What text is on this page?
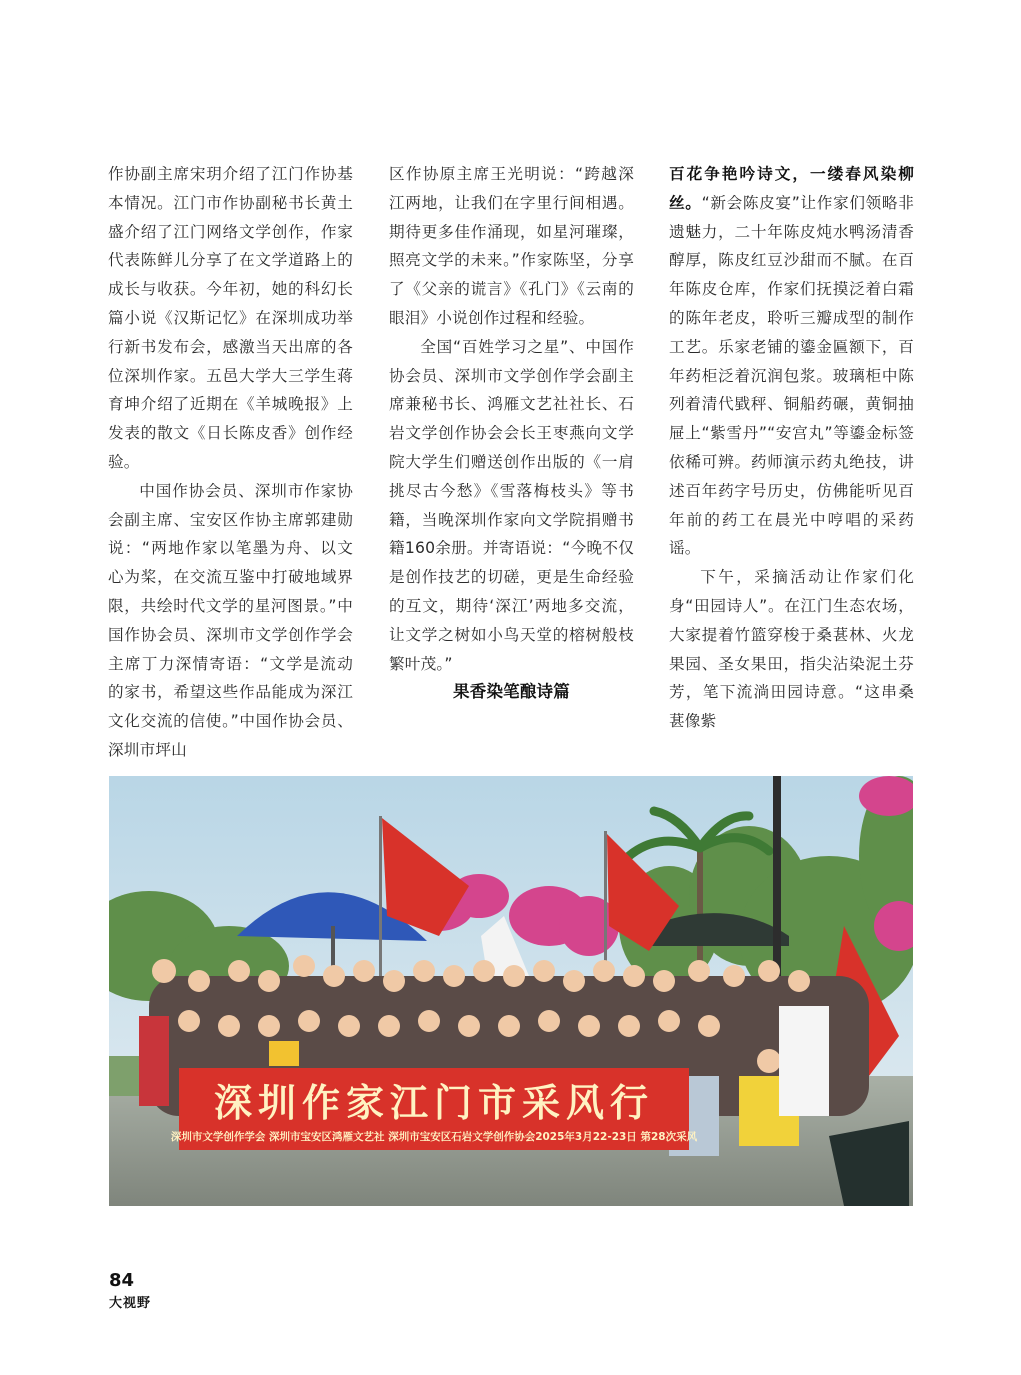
作协副主席宋玥介绍了江门作协基本情况。江门市作协副秘书长黄土盛介绍了江门网络文学创作，作家代表陈鲜儿分享了在文学道路上的成长与收获。今年初，她的科幻长篇小说《汉斯记忆》在深圳成功举行新书发布会，感激当天出席的各位深圳作家。五邑大学大三学生蒋育坤介绍了近期在《羊城晚报》上发表的散文《日长陈皮香》创作经验。

中国作协会员、深圳市作家协会副主席、宝安区作协主席郭建勋说：“两地作家以笔墨为舟、以文心为桨，在交流互鉴中打破地域界限，共绘时代文学的星河图景。”中国作协会员、深圳市文学创作学会主席丁力深情寄语：“文学是流动的家书，希望这些作品能成为深江文化交流的信使。”中国作协会员、深圳市坪山

区作协原主席王光明说：“跨越深江两地，让我们在字里行间相遇。期待更多佳作涌现，如星河璀璨，照亮文学的未来。”作家陈坚，分享了《父亲的谎言》《孔门》《云南的眼泪》小说创作过程和经验。

全国“百姓学习之星”、中国作协会员、深圳市文学创作学会副主席兼秘书长、鸿雁文艺社社长、石岩文学创作协会会长王枣燕向文学院大学生们赠送创作出版的《一肩挑尽古今愁》《雪落梅枝头》等书籍，当晚深圳作家向文学院捐赠书籍160余册。并寄语说：“今晚不仅是创作技艺的切磋，更是生命经验的互文，期待‘深江’两地多交流，让文学之树如小鸟天堂的榕树般枝繁叶茂。”

果香染笔酿诗篇

百花争艳吟诗文，一缕春风染柳丝。“新会陈皮宴”让作家们领略非遗魅力，二十年陈皮炖水鸭汤清香醇厚，陈皮红豆沙甜而不腻。在百年陈皮仓库，作家们抚摸泛着白霜的陈年老皮，聆听三瓣成型的制作工艺。乐家老铺的鎏金匾额下，百年药柜泛着沉润包浆。玻璃柜中陈列着清代戥秤、铜船药碾，黄铜抽屉上“紫雪丹”“安宫丸”等鎏金标签依稀可辨。药师演示药丸绝技，讲述百年药字号历史，仿佛能听见百年前的药工在晨光中哼唱的采药谣。

下午，采摘活动让作家们化身“田园诗人”。在江门生态农场，大家提着竹篮穿梭于桑葚林、火龙果园、圣女果田，指尖沾染泥土芬芳，笔下流淌田园诗意。“这串桑葚像紫

深圳作家江门市采风行
深圳市文学创作学会 深圳市宝安区鸿雁文艺社 深圳市宝安区石岩文学创作协会2025年3月22-23日 第28次采风
84
大视野
